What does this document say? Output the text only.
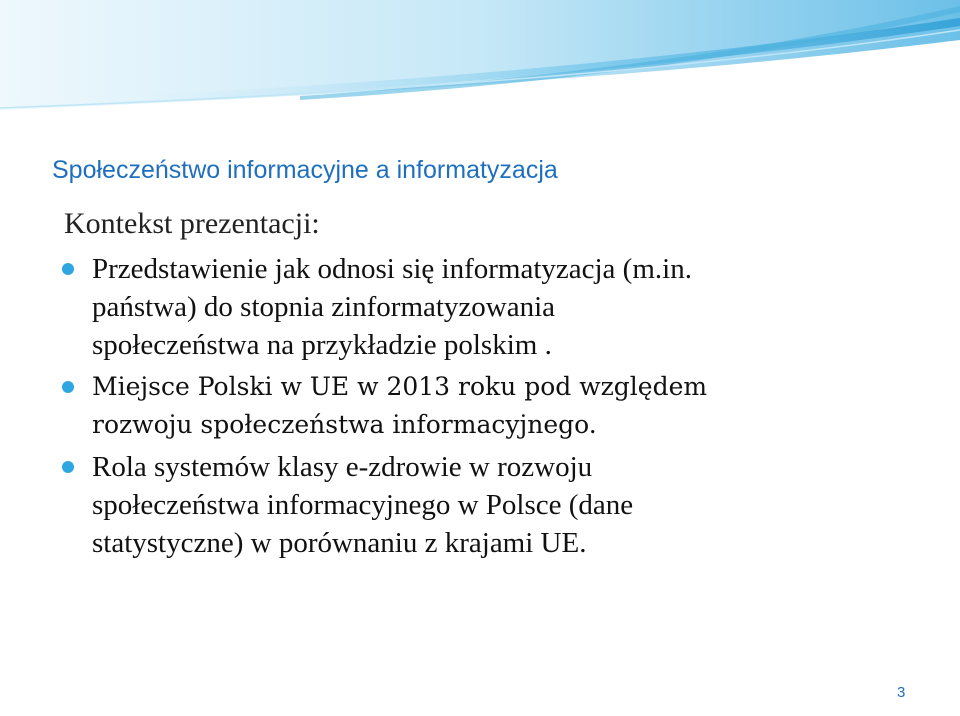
Społeczeństwo informacyjne a informatyzacja
Kontekst prezentacji:
Przedstawienie jak odnosi się informatyzacja (m.in.
państwa) do stopnia zinformatyzowania
społeczeństwa na przykładzie polskim .
Miejsce Polski w UE w 2013 roku pod względem
rozwoju społeczeństwa informacyjnego.
Rola systemów klasy e-zdrowie w rozwoju
społeczeństwa informacyjnego w Polsce (dane
statystyczne) w porównaniu z krajami UE.
3
